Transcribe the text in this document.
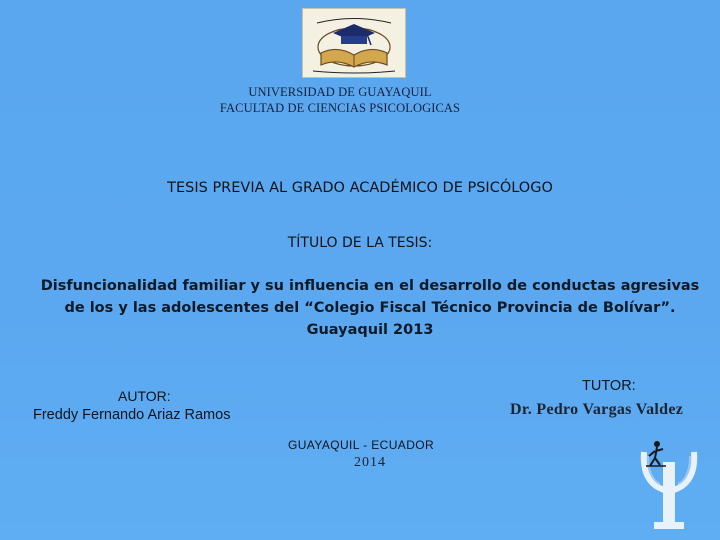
UNIVERSIDAD DE GUAYAQUIL
FACULTAD DE CIENCIAS PSICOLOGICAS
TESIS PREVIA AL GRADO ACADÉMICO DE PSICÓLOGO
TÍTULO DE LA TESIS:
Disfuncionalidad familiar y su influencia en el desarrollo de conductas agresivas
de los y las adolescentes del “Colegio Fiscal Técnico Provincia de Bolívar”.
Guayaquil 2013
AUTOR:
Freddy Fernando Ariaz Ramos
TUTOR:
Dr. Pedro Vargas Valdez
GUAYAQUIL - ECUADOR
2014
